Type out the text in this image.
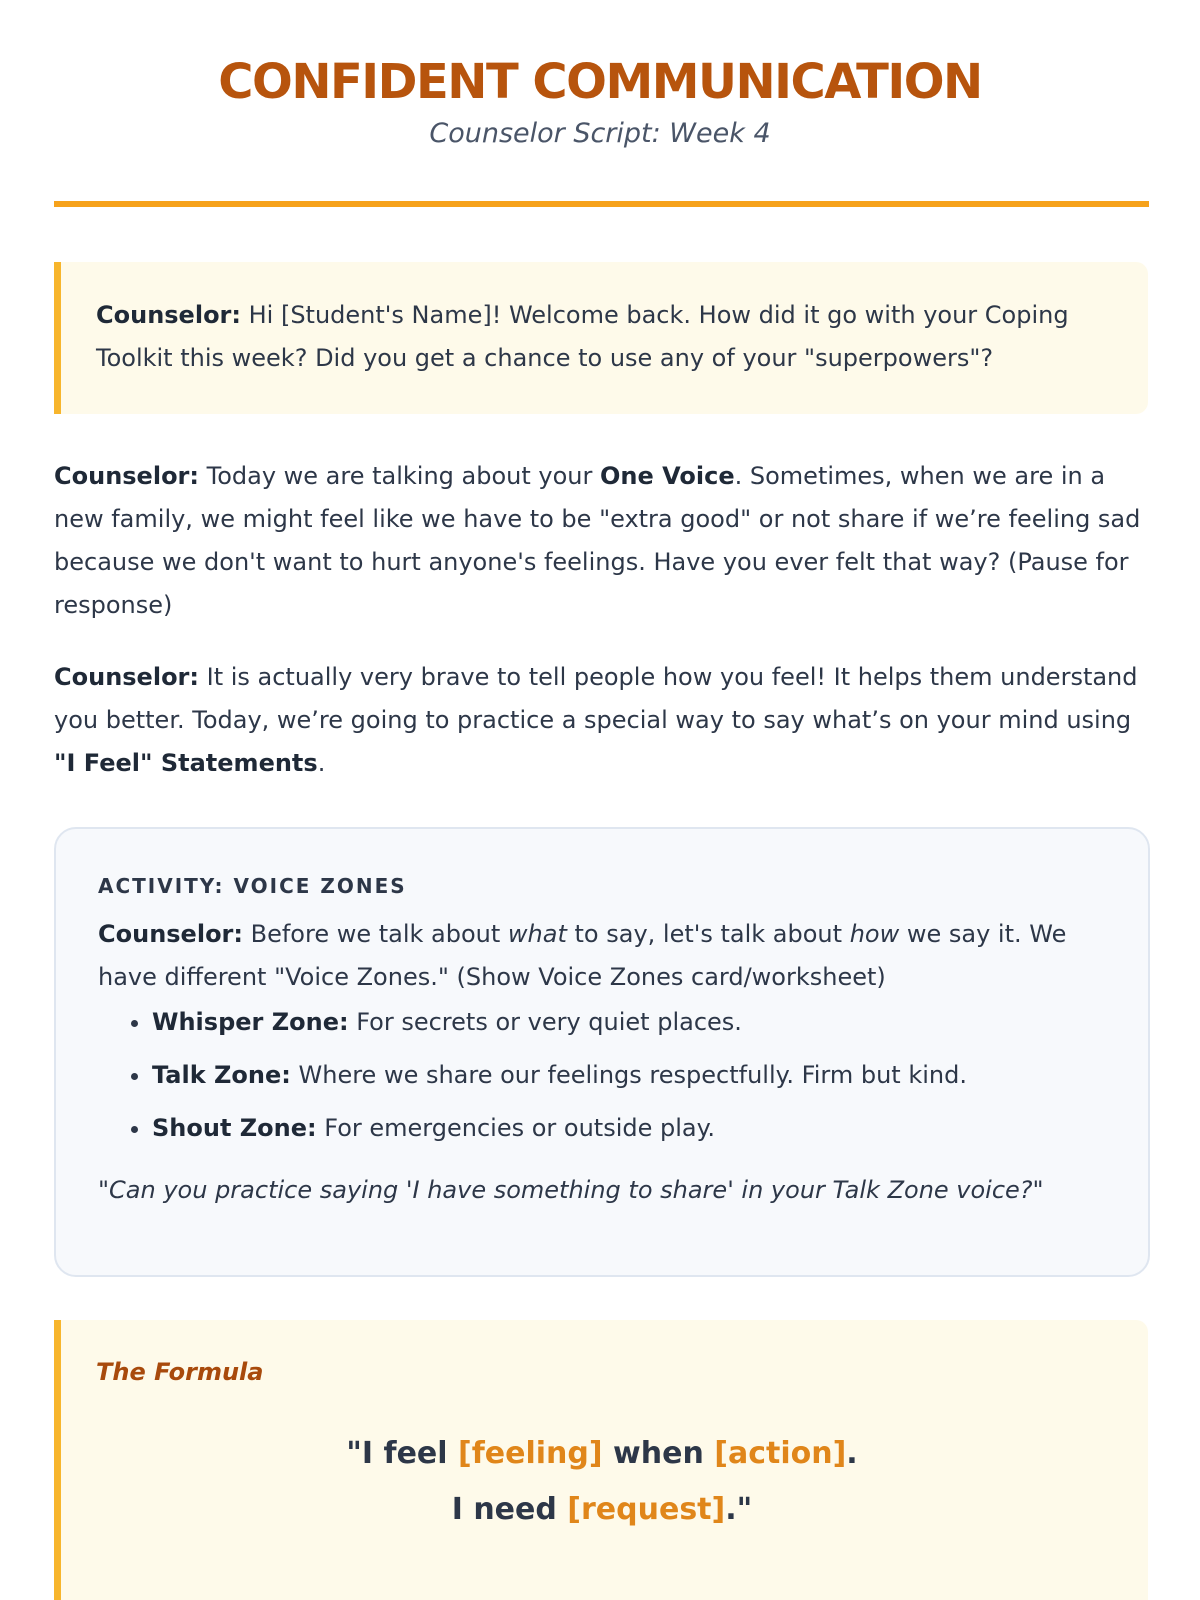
CONFIDENT COMMUNICATION
Counselor Script: Week 4

Counselor: Hi [Student's Name]! Welcome back. How did it go with your Coping Toolkit this week? Did you get a chance to use any of your "superpowers"?

Counselor: Today we are talking about your One Voice. Sometimes, when we are in a new family, we might feel like we have to be "extra good" or not share if we’re feeling sad because we don't want to hurt anyone's feelings. Have you ever felt that way? (Pause for response)

Counselor: It is actually very brave to tell people how you feel! It helps them understand you better. Today, we’re going to practice a special way to say what’s on your mind using "I Feel" Statements.

ACTIVITY: VOICE ZONES

Counselor: Before we talk about what to say, let's talk about how we say it. We have different "Voice Zones." (Show Voice Zones card/worksheet)

• Whisper Zone: For secrets or very quiet places.
• Talk Zone: Where we share our feelings respectfully. Firm but kind.
• Shout Zone: For emergencies or outside play.
"Can you practice saying 'I have something to share' in your Talk Zone voice?"

The Formula

"I feel [feeling] when [action].
I need [request]."
